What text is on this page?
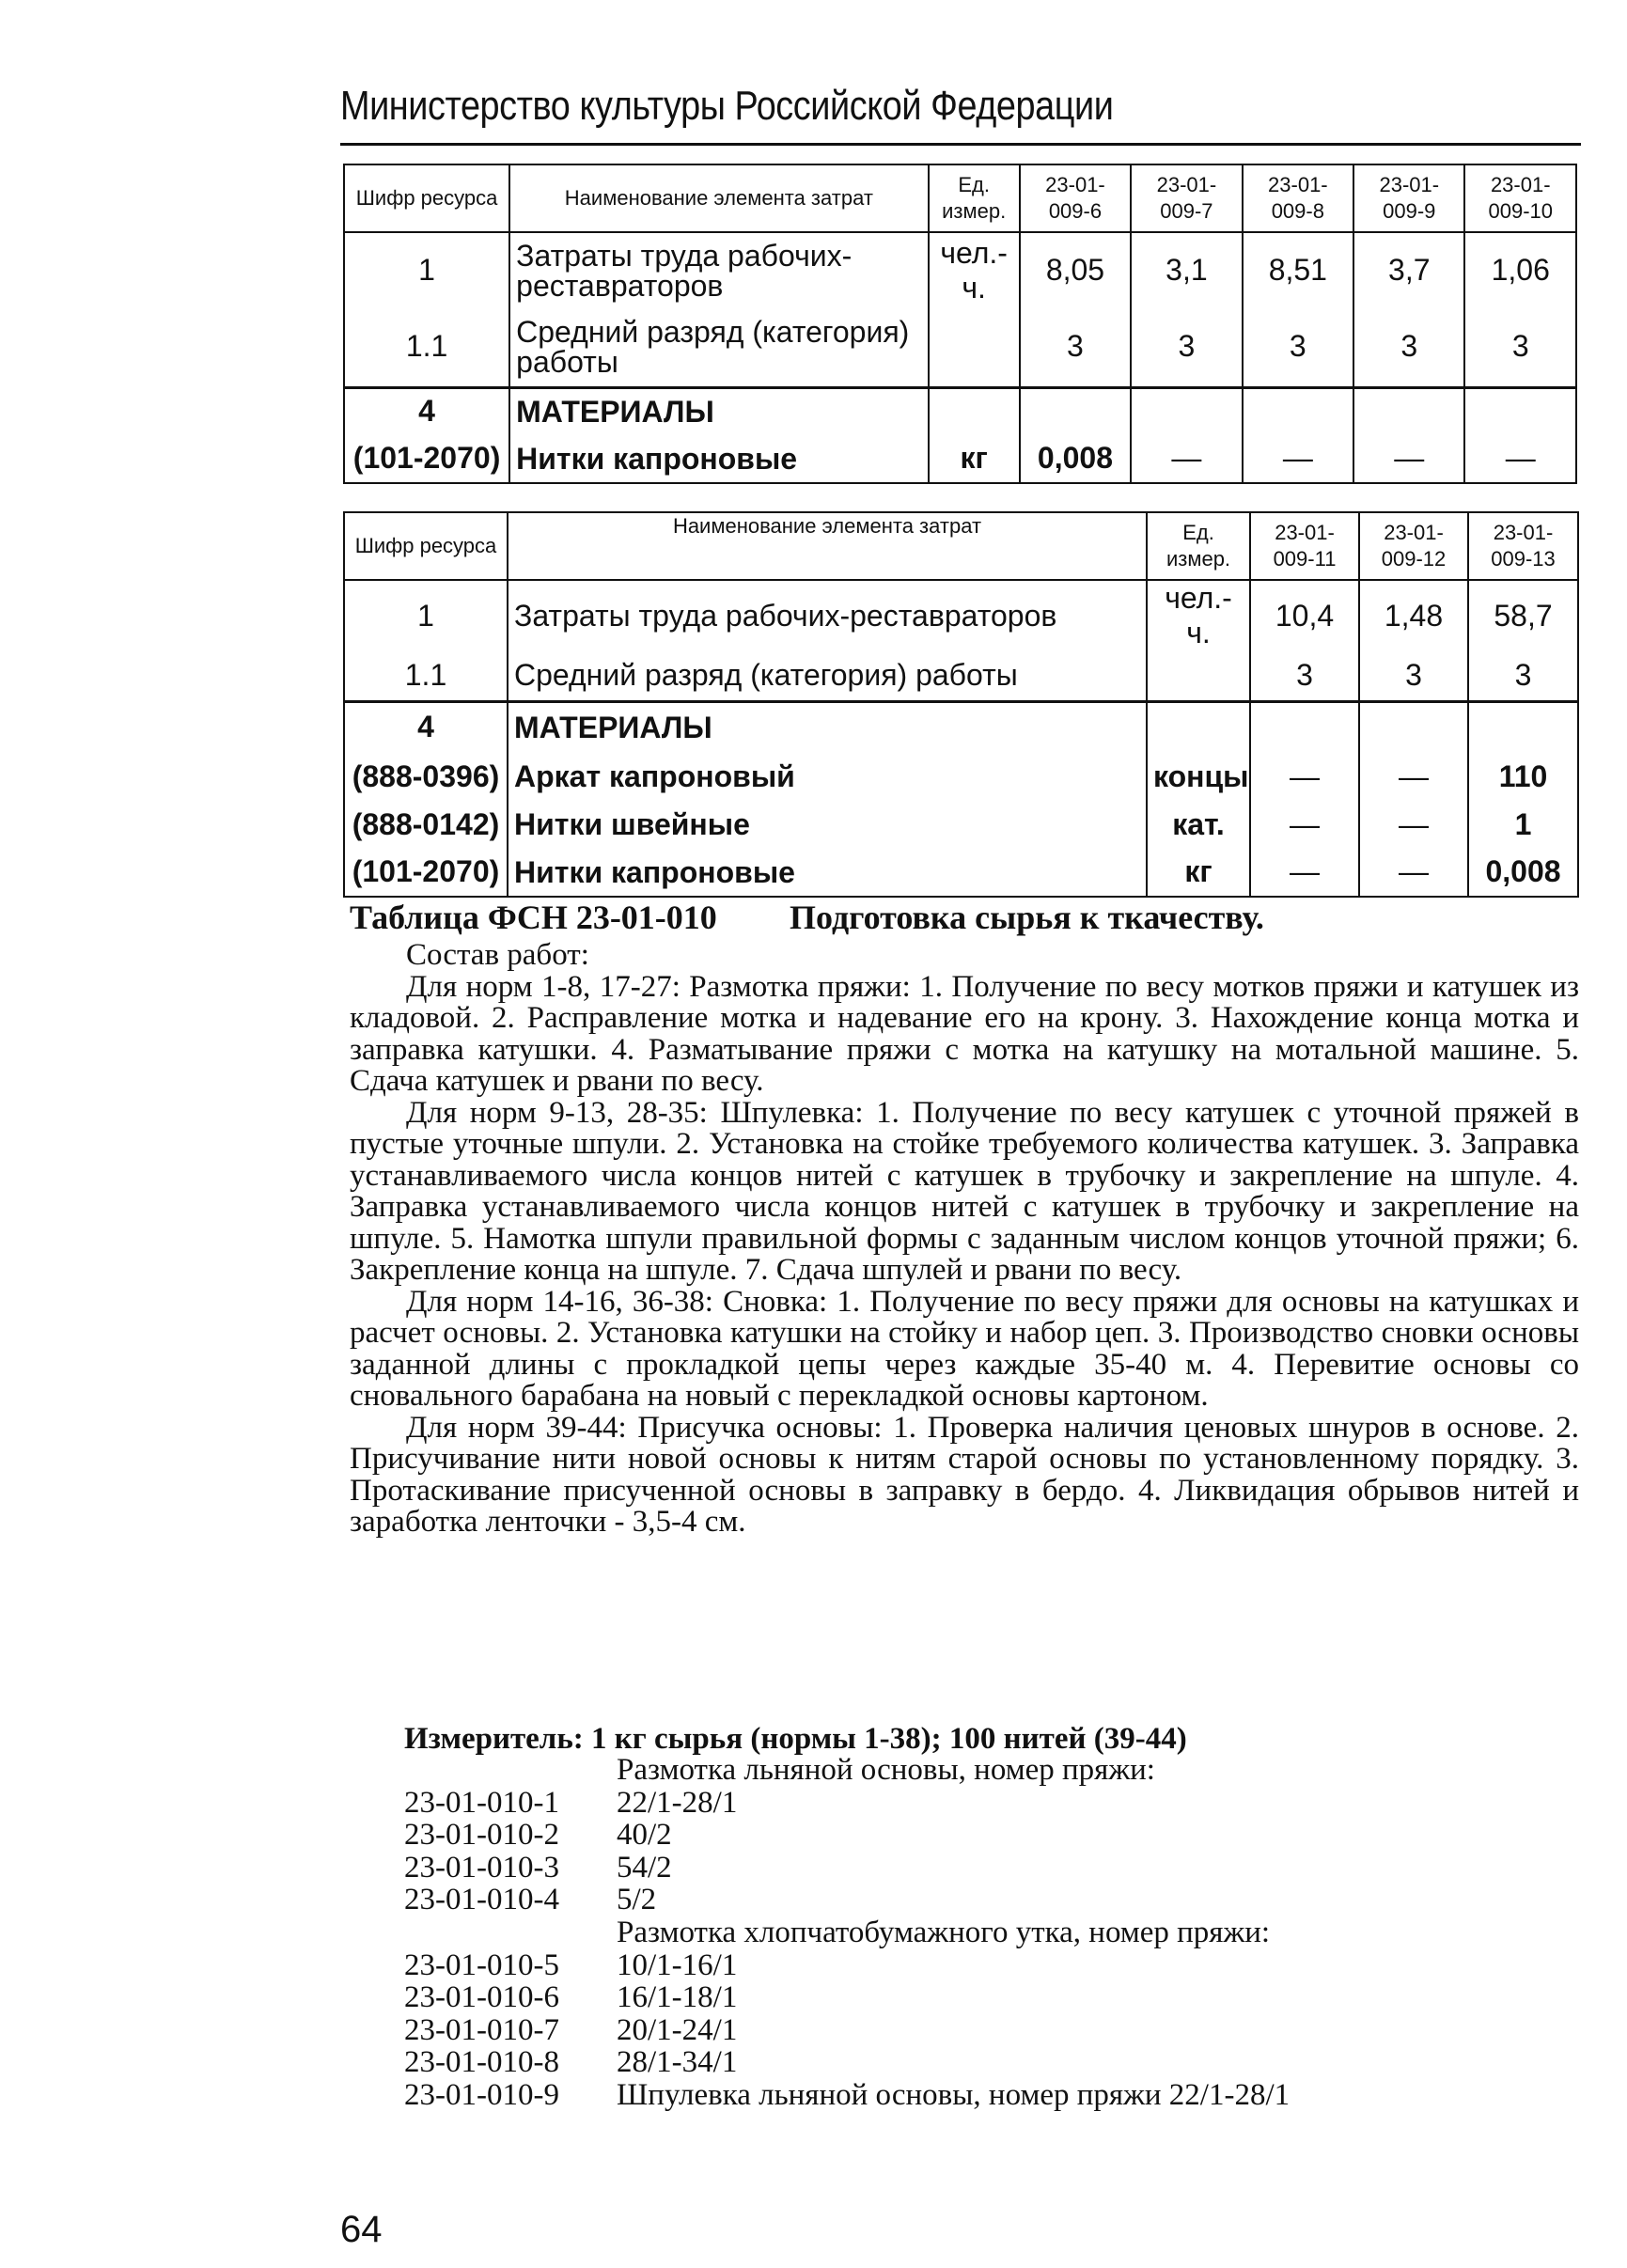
Министерство культуры Российской Федерации
Шифр ресурса	Наименование элемента затрат	Ед. измер.	23-01-009-6	23-01-009-7	23-01-009-8	23-01-009-9	23-01-009-10
1	Затраты труда рабочих-реставраторов	чел.-ч.	8,05	3,1	8,51	3,7	1,06
1.1	Средний разряд (категория) работы		3	3	3	3	3
4	МАТЕРИАЛЫ						
(101-2070)	Нитки капроновые	кг	0,008	—	—	—	—
Шифр ресурса	Наименование элемента затрат	Ед. измер.	23-01-009-11	23-01-009-12	23-01-009-13
1	Затраты труда рабочих-реставраторов	чел.-ч.	10,4	1,48	58,7
1.1	Средний разряд (категория) работы		3	3	3
4	МАТЕРИАЛЫ				
(888-0396)	Аркат капроновый	концы	—	—	110
(888-0142)	Нитки швейные	кат.	—	—	1
(101-2070)	Нитки капроновые	кг	—	—	0,008
Таблица ФСН 23-01-010 Подготовка сырья к ткачеству.
Состав работ:

Для норм 1-8, 17-27: Размотка пряжи: 1. Получение по весу мотков пряжи и катушек из кладовой. 2. Расправление мотка и надевание его на крону. 3. Нахождение конца мотка и заправка катушки. 4. Разматывание пряжи с мотка на катушку на мотальной машине. 5. Сдача катушек и рвани по весу.

Для норм 9-13, 28-35: Шпулевка: 1. Получение по весу катушек с уточной пряжей в пустые уточные шпули. 2. Установка на стойке требуемого количества катушек. 3. Заправка устанавливаемого числа концов нитей с катушек в трубочку и закрепление на шпуле. 4. Заправка устанавливаемого числа концов нитей с катушек в трубочку и закрепление на шпуле. 5. Намотка шпули правильной формы с заданным числом концов уточной пряжи; 6. Закрепление конца на шпуле. 7. Сдача шпулей и рвани по весу.

Для норм 14-16, 36-38: Сновка: 1. Получение по весу пряжи для основы на катушках и расчет основы. 2. Установка катушки на стойку и набор цеп. 3. Производство сновки основы заданной длины с прокладкой цепы через каждые 35-40 м. 4. Перевитие основы со сновального барабана на новый с перекладкой основы картоном.

Для норм 39-44: Присучка основы: 1. Проверка наличия ценовых шнуров в основе. 2. Присучивание нити новой основы к нитям старой основы по установленному порядку. 3. Протаскивание присученной основы в заправку в бердо. 4. Ликвидация обрывов нитей и заработка ленточки - 3,5-4 см.

Измеритель: 1 кг сырья (нормы 1-38); 100 нитей (39-44)
Размотка льняной основы, номер пряжи:
23-01-010-1 22/1-28/1
23-01-010-2 40/2
23-01-010-3 54/2
23-01-010-4 5/2
Размотка хлопчатобумажного утка, номер пряжи:
23-01-010-5 10/1-16/1
23-01-010-6 16/1-18/1
23-01-010-7 20/1-24/1
23-01-010-8 28/1-34/1
23-01-010-9 Шпулевка льняной основы, номер пряжи 22/1-28/1
64
